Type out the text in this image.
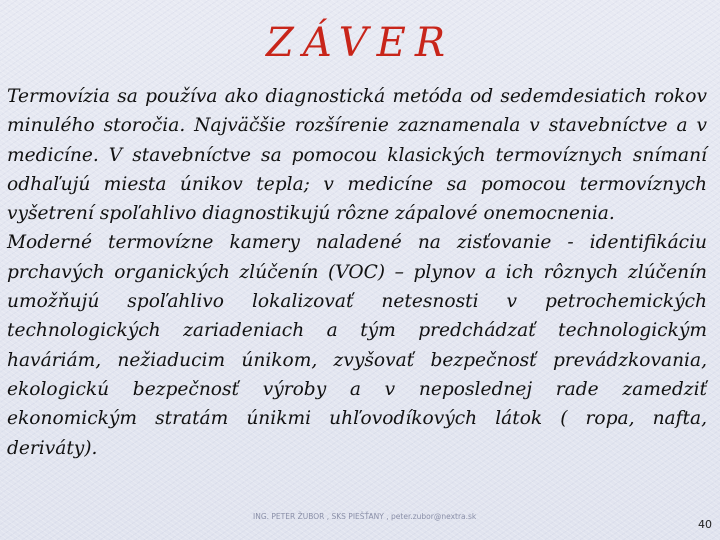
ZÁVER

Termovízia sa používa ako diagnostická metóda od sedemdesiatich rokov minulého storočia. Najväčšie rozšírenie zaznamenala v stavebníctve a v medicíne. V stavebníctve sa pomocou klasických termovíznych snímaní odhaľujú miesta únikov tepla; v medicíne sa pomocou termovíznych vyšetrení spoľahlivo diagnostikujú rôzne zápalové onemocnenia.

Moderné termovízne kamery naladené na zisťovanie - identifikáciu prchavých organických zlúčenín (VOC) – plynov a ich rôznych zlúčenín umožňujú spoľahlivo lokalizovať netesnosti v petrochemických technologických zariadeniach a tým predchádzať technologickým haváriám, nežiaducim únikom, zvyšovať bezpečnosť prevádzkovania, ekologickú bezpečnosť výroby a v neposlednej rade zamedziť ekonomickým stratám únikmi uhľovodíkových látok ( ropa, nafta, deriváty).

ING. PETER ŽUBOR , SKS PIEŠŤANY , peter.zubor@nextra.sk
40
